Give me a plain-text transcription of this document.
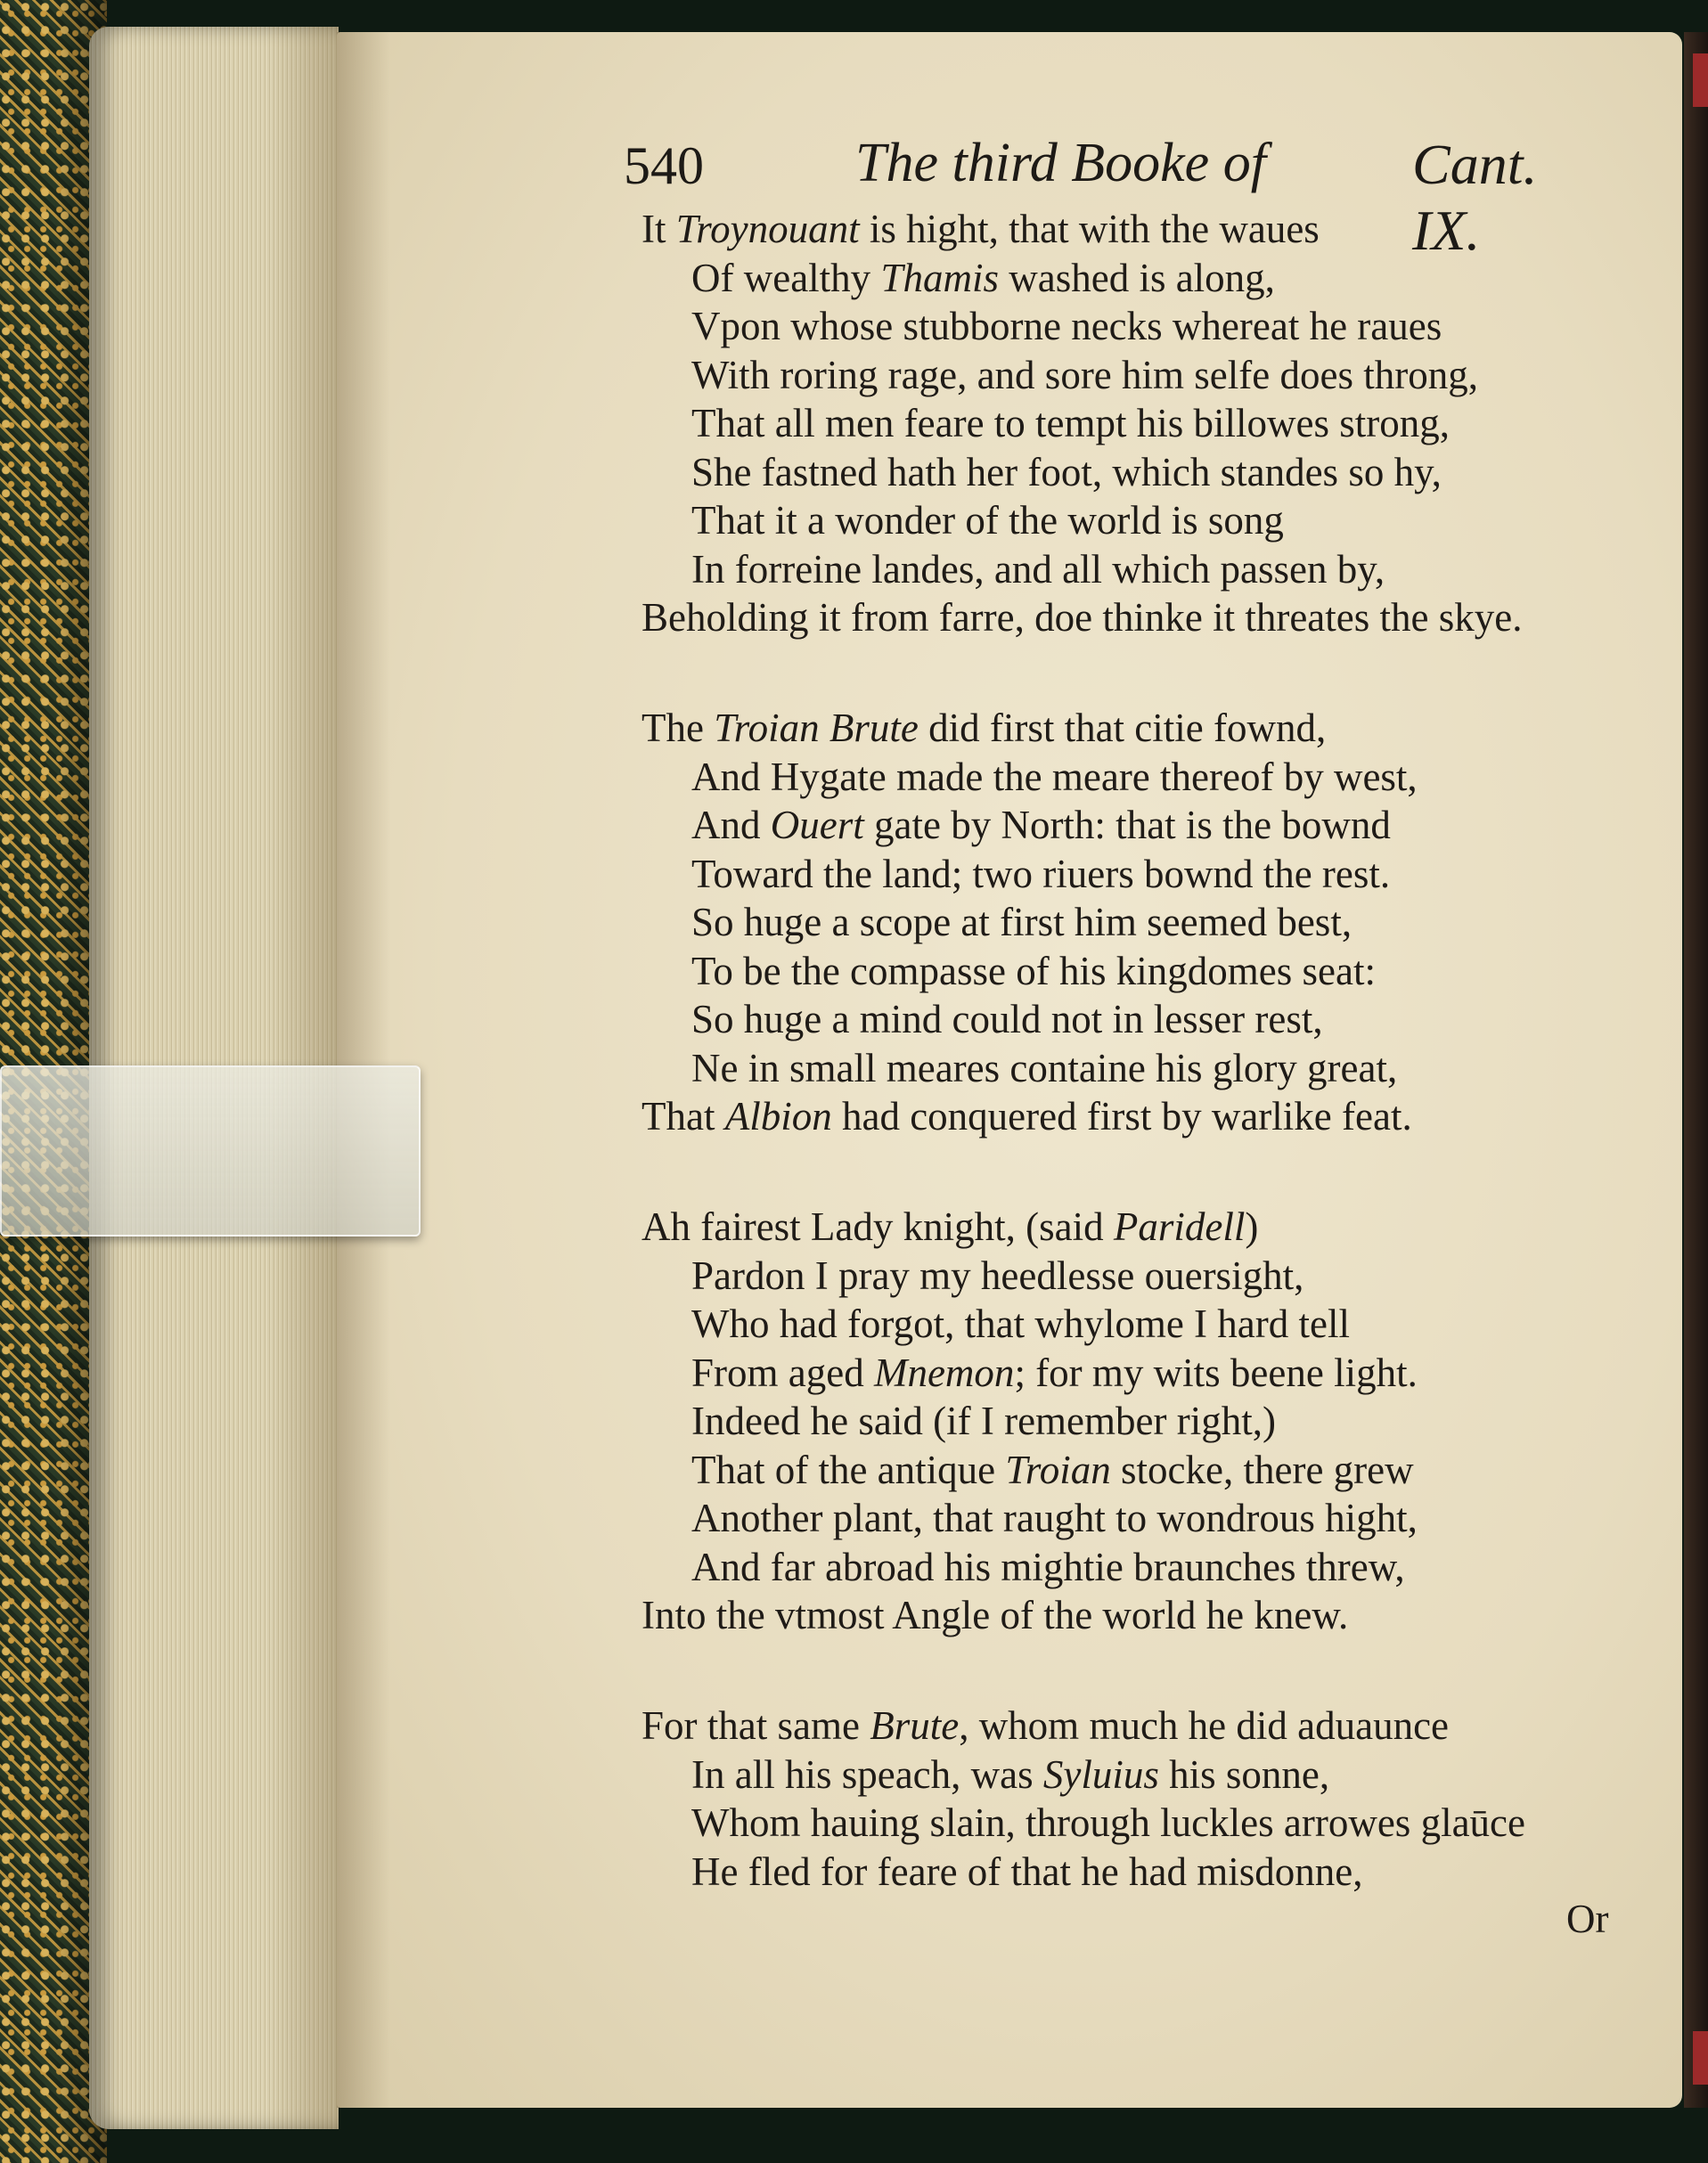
540	The third Booke of	Cant. IX.
It Troynouant is hight, that with the waues
Of wealthy Thamis washed is along,
Vpon whose stubborne necks whereat he raues
With roring rage, and sore him selfe does throng,
That all men feare to tempt his billowes strong,
She fastned hath her foot, which standes so hy,
That it a wonder of the world is song
In forreine landes, and all which passen by,
Beholding it from farre, doe thinke it threates the skye.
The Troian Brute did first that citie fownd,
And Hygate made the meare thereof by west,
And Ouert gate by North: that is the bownd
Toward the land; two riuers bownd the rest.
So huge a scope at first him seemed best,
To be the compasse of his kingdomes seat:
So huge a mind could not in lesser rest,
Ne in small meares containe his glory great,
That Albion had conquered first by warlike feat.
Ah fairest Lady knight, (said Paridell)
Pardon I pray my heedlesse ouersight,
Who had forgot, that whylome I hard tell
From aged Mnemon; for my wits beene light.
Indeed he said (if I remember right,)
That of the antique Troian stocke, there grew
Another plant, that raught to wondrous hight,
And far abroad his mightie braunches threw,
Into the vtmost Angle of the world he knew.
For that same Brute, whom much he did aduaunce
In all his speach, was Syluius his sonne,
Whom hauing slain, through luckles arrowes glaūce
He fled for feare of that he had misdonne,
Or
